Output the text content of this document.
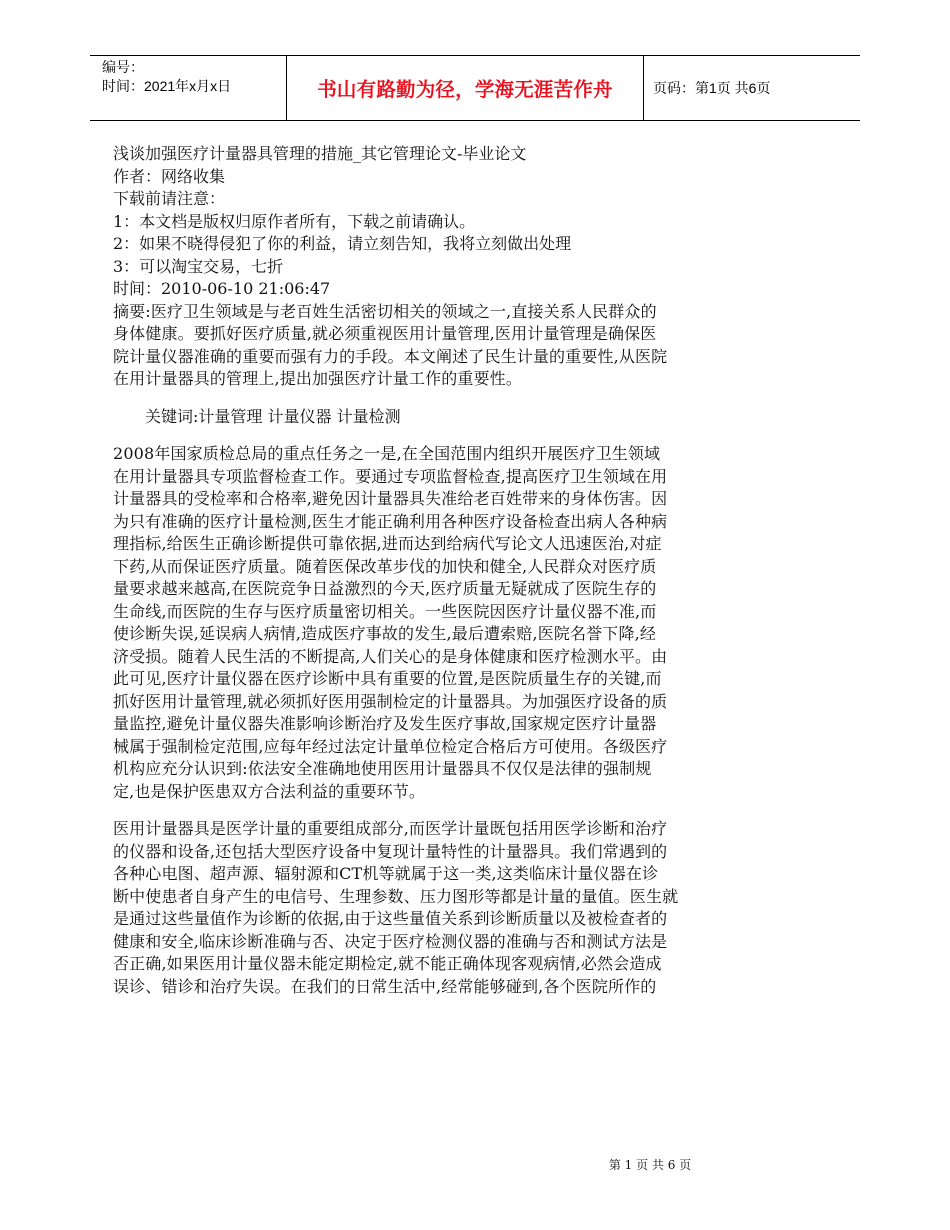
编号：
时间：2021年x月x日	书山有路勤为径，学海无涯苦作舟	页码：第1页 共6页
浅谈加强医疗计量器具管理的措施_其它管理论文-毕业论文
作者：网络收集
下载前请注意：
1：本文档是版权归原作者所有，下载之前请确认。
2：如果不晓得侵犯了你的利益，请立刻告知，我将立刻做出处理
3：可以淘宝交易，七折
时间：2010-06-10 21:06:47
摘要:医疗卫生领域是与老百姓生活密切相关的领域之一,直接关系人民群众的
身体健康。要抓好医疗质量,就必须重视医用计量管理,医用计量管理是确保医
院计量仪器准确的重要而强有力的手段。本文阐述了民生计量的重要性,从医院
在用计量器具的管理上,提出加强医疗计量工作的重要性。
关键词:计量管理 计量仪器 计量检测
2008年国家质检总局的重点任务之一是,在全国范围内组织开展医疗卫生领域
在用计量器具专项监督检查工作。要通过专项监督检查,提高医疗卫生领域在用
计量器具的受检率和合格率,避免因计量器具失准给老百姓带来的身体伤害。因
为只有准确的医疗计量检测,医生才能正确利用各种医疗设备检查出病人各种病
理指标,给医生正确诊断提供可靠依据,进而达到给病代写论文人迅速医治,对症
下药,从而保证医疗质量。随着医保改革步伐的加快和健全,人民群众对医疗质
量要求越来越高,在医院竞争日益激烈的今天,医疗质量无疑就成了医院生存的
生命线,而医院的生存与医疗质量密切相关。一些医院因医疗计量仪器不准,而
使诊断失误,延误病人病情,造成医疗事故的发生,最后遭索赔,医院名誉下降,经
济受损。随着人民生活的不断提高,人们关心的是身体健康和医疗检测水平。由
此可见,医疗计量仪器在医疗诊断中具有重要的位置,是医院质量生存的关键,而
抓好医用计量管理,就必须抓好医用强制检定的计量器具。为加强医疗设备的质
量监控,避免计量仪器失准影响诊断治疗及发生医疗事故,国家规定医疗计量器
械属于强制检定范围,应每年经过法定计量单位检定合格后方可使用。各级医疗
机构应充分认识到:依法安全准确地使用医用计量器具不仅仅是法律的强制规
定,也是保护医患双方合法利益的重要环节。
医用计量器具是医学计量的重要组成部分,而医学计量既包括用医学诊断和治疗
的仪器和设备,还包括大型医疗设备中复现计量特性的计量器具。我们常遇到的
各种心电图、超声源、辐射源和CT机等就属于这一类,这类临床计量仪器在诊
断中使患者自身产生的电信号、生理参数、压力图形等都是计量的量值。医生就
是通过这些量值作为诊断的依据,由于这些量值关系到诊断质量以及被检查者的
健康和安全,临床诊断准确与否、决定于医疗检测仪器的准确与否和测试方法是
否正确,如果医用计量仪器未能定期检定,就不能正确体现客观病情,必然会造成
误诊、错诊和治疗失误。在我们的日常生活中,经常能够碰到,各个医院所作的
第 1 页 共 6 页
